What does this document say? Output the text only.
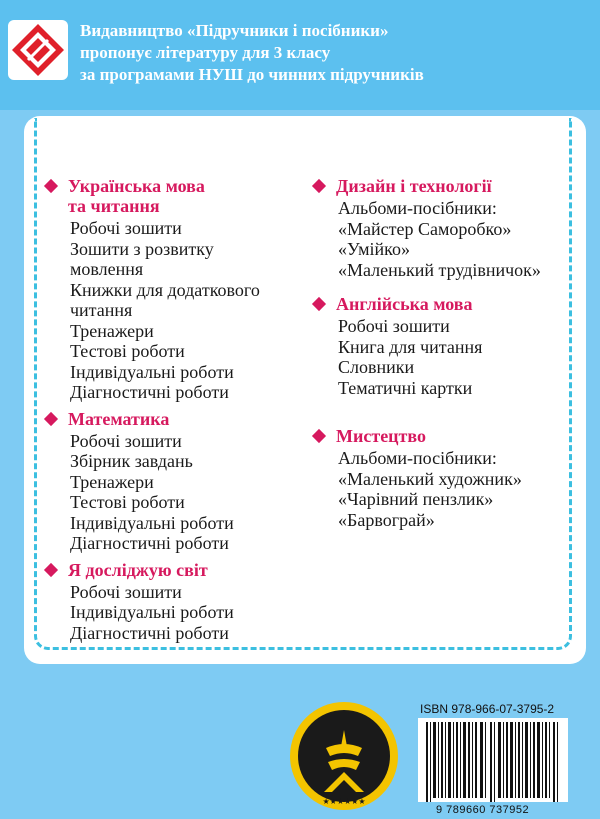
Видавництво «Підручники і посібники»
пропонує літературу для 3 класу
за програмами НУШ до чинних підручників
Українська мова
та читання
Робочі зошити
Зошити з розвитку
мовлення
Книжки для додаткового
читання
Тренажери
Тестові роботи
Індивідуальні роботи
Діагностичні роботи
Математика
Робочі зошити
Збірник завдань
Тренажери
Тестові роботи
Індивідуальні роботи
Діагностичні роботи
Я досліджую світ
Робочі зошити
Індивідуальні роботи
Діагностичні роботи
Дизайн і технології
Альбоми-посібники:
«Майстер Саморобко»
«Умійко»
«Маленький трудівничок»
Англійська мова
Робочі зошити
Книга для читання
Словники
Тематичні картки
Мистецтво
Альбоми-посібники:
«Маленький художник»
«Чарівний пензлик»
«Барвограй»
★★★★★★
ISBN 978-966-07-3795-2
9 789660 737952
